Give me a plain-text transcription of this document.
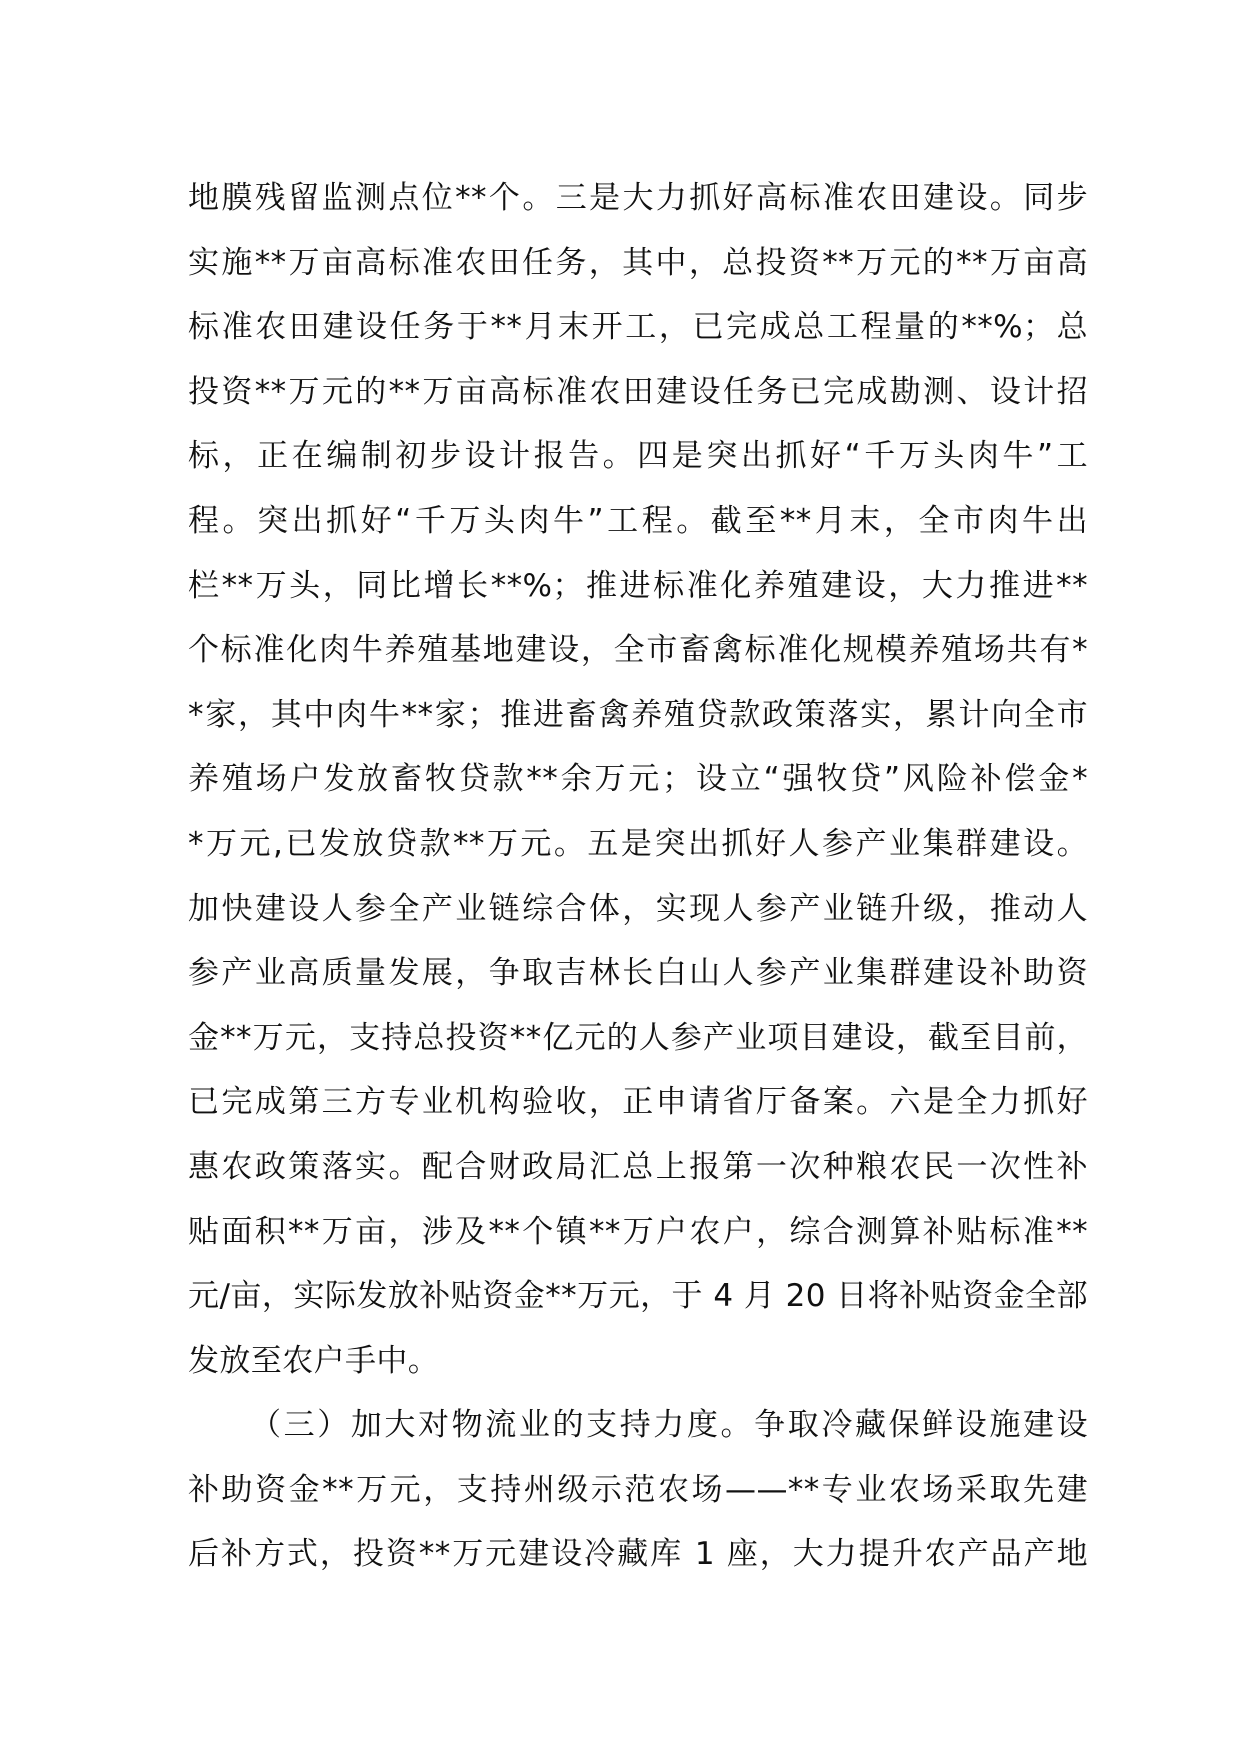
地膜残留监测点位**个。三是大力抓好高标准农田建设。同步
实施**万亩高标准农田任务，其中，总投资**万元的**万亩高
标准农田建设任务于**月末开工，已完成总工程量的**%；总
投资**万元的**万亩高标准农田建设任务已完成勘测、设计招
标，正在编制初步设计报告。四是突出抓好“千万头肉牛”工
程。突出抓好“千万头肉牛”工程。截至**月末，全市肉牛出
栏**万头，同比增长**%；推进标准化养殖建设，大力推进**
个标准化肉牛养殖基地建设，全市畜禽标准化规模养殖场共有*
*家，其中肉牛**家；推进畜禽养殖贷款政策落实，累计向全市
养殖场户发放畜牧贷款**余万元；设立“强牧贷”风险补偿金*
*万元,已发放贷款**万元。五是突出抓好人参产业集群建设。
加快建设人参全产业链综合体，实现人参产业链升级，推动人
参产业高质量发展，争取吉林长白山人参产业集群建设补助资
金**万元，支持总投资**亿元的人参产业项目建设，截至目前，
已完成第三方专业机构验收，正申请省厅备案。六是全力抓好
惠农政策落实。配合财政局汇总上报第一次种粮农民一次性补
贴面积**万亩，涉及**个镇**万户农户，综合测算补贴标准**
元/亩，实际发放补贴资金**万元，于 4 月 20 日将补贴资金全部
发放至农户手中。
（三）加大对物流业的支持力度。争取冷藏保鲜设施建设
补助资金**万元，支持州级示范农场——**专业农场采取先建
后补方式，投资**万元建设冷藏库 1 座，大力提升农产品产地
